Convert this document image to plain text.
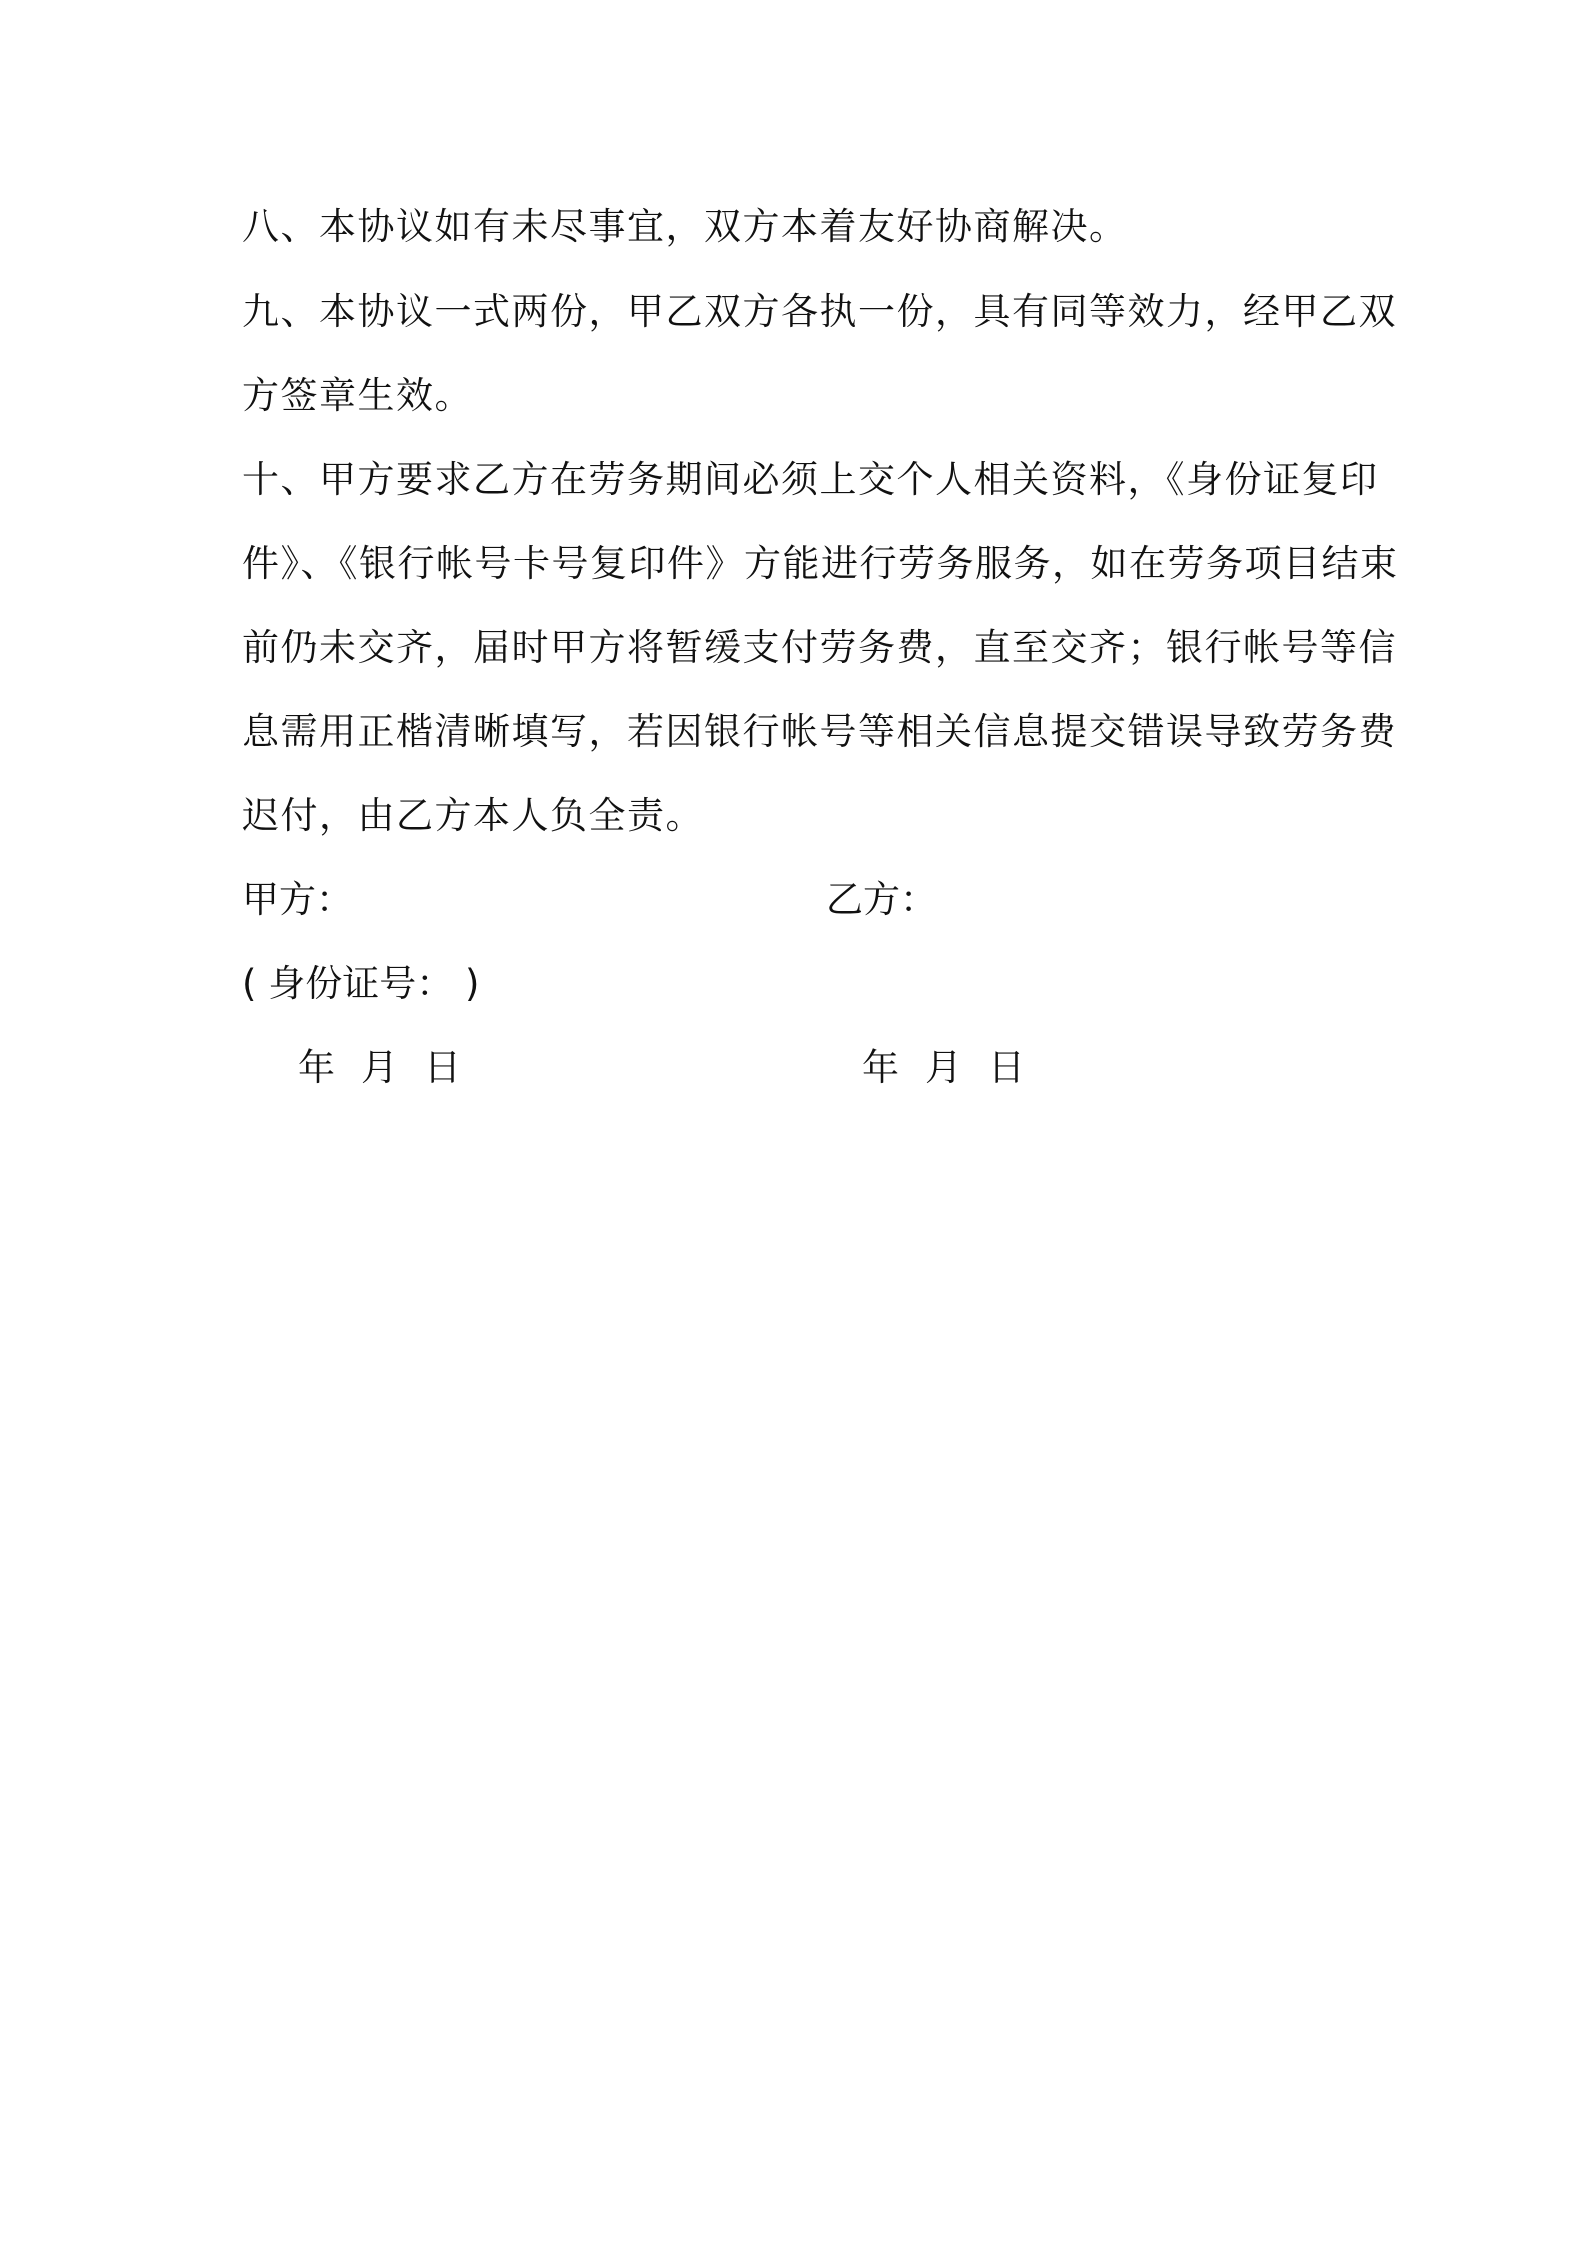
八、本协议如有未尽事宜，双方本着友好协商解决。
九、本协议一式两份，甲乙双方各执一份，具有同等效力，经甲乙双
方签章生效。
十、甲方要求乙方在劳务期间必须上交个人相关资料，《身份证复印
件》、《银行帐号卡号复印件》方能进行劳务服务，如在劳务项目结束
前仍未交齐，届时甲方将暂缓支付劳务费，直至交齐；银行帐号等信
息需用正楷清晰填写，若因银行帐号等相关信息提交错误导致劳务费
迟付，由乙方本人负全责。
甲方：	乙方：
( 身份证号： )
年 月 日	年 月 日
